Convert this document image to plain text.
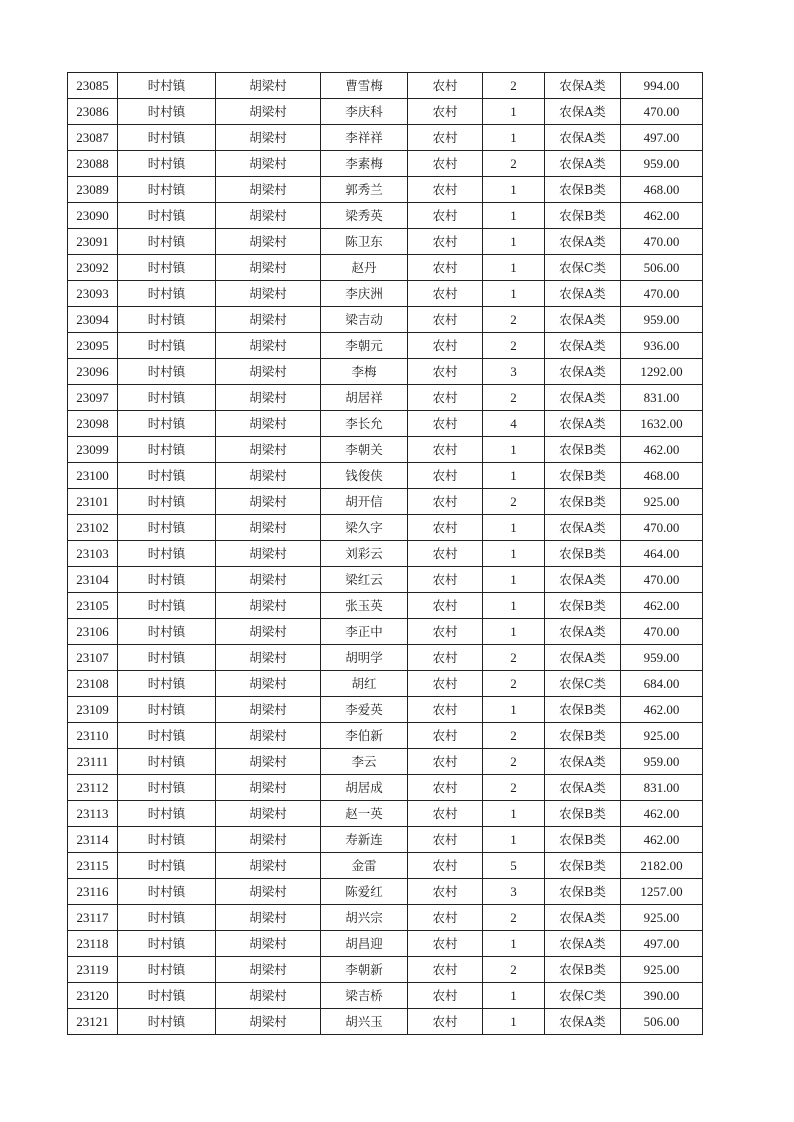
23085	时村镇	胡梁村	曹雪梅	农村	2	农保A类	994.00
23086	时村镇	胡梁村	李庆科	农村	1	农保A类	470.00
23087	时村镇	胡梁村	李祥祥	农村	1	农保A类	497.00
23088	时村镇	胡梁村	李素梅	农村	2	农保A类	959.00
23089	时村镇	胡梁村	郭秀兰	农村	1	农保B类	468.00
23090	时村镇	胡梁村	梁秀英	农村	1	农保B类	462.00
23091	时村镇	胡梁村	陈卫东	农村	1	农保A类	470.00
23092	时村镇	胡梁村	赵丹	农村	1	农保C类	506.00
23093	时村镇	胡梁村	李庆洲	农村	1	农保A类	470.00
23094	时村镇	胡梁村	梁吉动	农村	2	农保A类	959.00
23095	时村镇	胡梁村	李朝元	农村	2	农保A类	936.00
23096	时村镇	胡梁村	李梅	农村	3	农保A类	1292.00
23097	时村镇	胡梁村	胡居祥	农村	2	农保A类	831.00
23098	时村镇	胡梁村	李长允	农村	4	农保A类	1632.00
23099	时村镇	胡梁村	李朝关	农村	1	农保B类	462.00
23100	时村镇	胡梁村	钱俊侠	农村	1	农保B类	468.00
23101	时村镇	胡梁村	胡开信	农村	2	农保B类	925.00
23102	时村镇	胡梁村	梁久字	农村	1	农保A类	470.00
23103	时村镇	胡梁村	刘彩云	农村	1	农保B类	464.00
23104	时村镇	胡梁村	梁红云	农村	1	农保A类	470.00
23105	时村镇	胡梁村	张玉英	农村	1	农保B类	462.00
23106	时村镇	胡梁村	李正中	农村	1	农保A类	470.00
23107	时村镇	胡梁村	胡明学	农村	2	农保A类	959.00
23108	时村镇	胡梁村	胡红	农村	2	农保C类	684.00
23109	时村镇	胡梁村	李爱英	农村	1	农保B类	462.00
23110	时村镇	胡梁村	李伯新	农村	2	农保B类	925.00
23111	时村镇	胡梁村	李云	农村	2	农保A类	959.00
23112	时村镇	胡梁村	胡居成	农村	2	农保A类	831.00
23113	时村镇	胡梁村	赵一英	农村	1	农保B类	462.00
23114	时村镇	胡梁村	寿新连	农村	1	农保B类	462.00
23115	时村镇	胡梁村	金雷	农村	5	农保B类	2182.00
23116	时村镇	胡梁村	陈爱红	农村	3	农保B类	1257.00
23117	时村镇	胡梁村	胡兴宗	农村	2	农保A类	925.00
23118	时村镇	胡梁村	胡昌迎	农村	1	农保A类	497.00
23119	时村镇	胡梁村	李朝新	农村	2	农保B类	925.00
23120	时村镇	胡梁村	梁吉桥	农村	1	农保C类	390.00
23121	时村镇	胡梁村	胡兴玉	农村	1	农保A类	506.00
